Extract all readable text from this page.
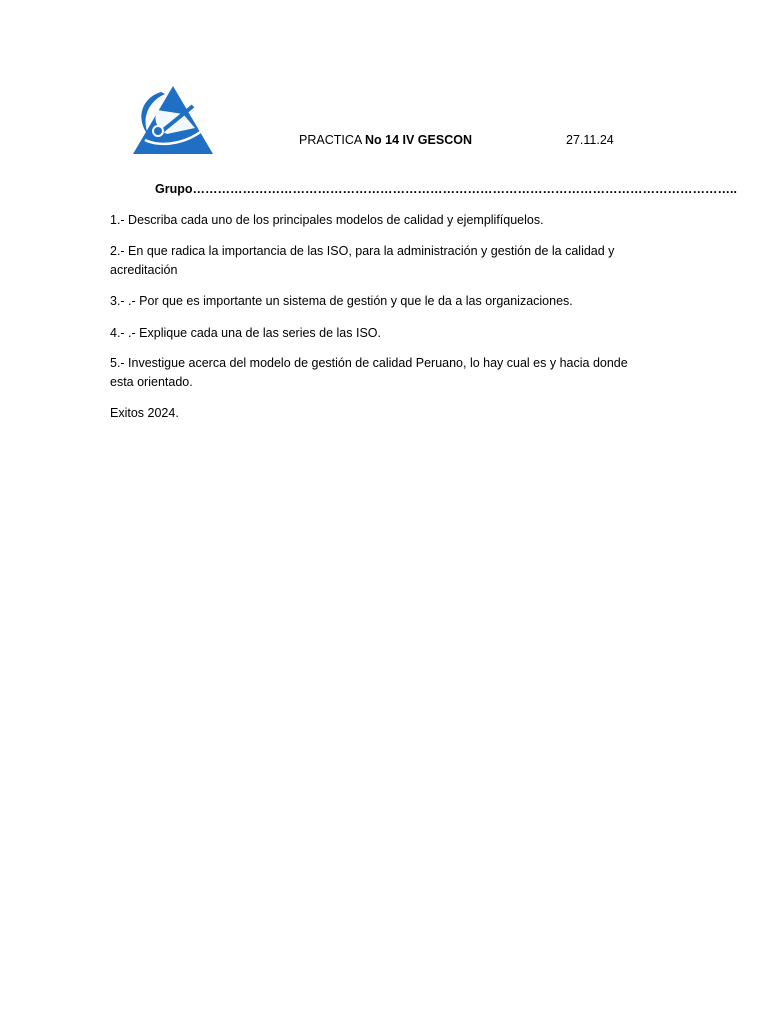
PRACTICA No 14 IV GESCON	27.11.24
Grupo…………………………………………………………………………………………………………………..
1.- Describa cada uno de los principales modelos de calidad y ejemplifíquelos.
2.- En que radica la importancia de las ISO, para la administración y gestión de la calidad y acreditación
3.- .- Por que es importante un sistema de gestión y que le da a las organizaciones.
4.- .- Explique cada una de las series de las ISO.
5.- Investigue acerca del modelo de gestión de calidad Peruano, lo hay cual es y hacia donde esta orientado.
Exitos 2024.
